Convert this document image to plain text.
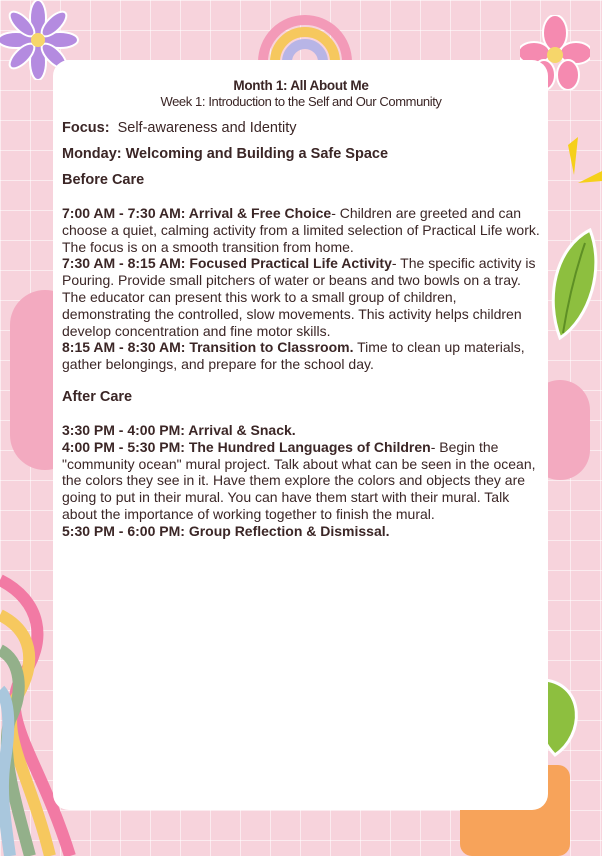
Month 1: All About Me
Week 1: Introduction to the Self and Our Community
Focus: Self-awareness and Identity
Monday: Welcoming and Building a Safe Space
Before Care
7:00 AM - 7:30 AM: Arrival & Free Choice- Children are greeted and can choose a quiet, calming activity from a limited selection of Practical Life work. The focus is on a smooth transition from home.
7:30 AM - 8:15 AM: Focused Practical Life Activity- The specific activity is Pouring. Provide small pitchers of water or beans and two bowls on a tray. The educator can present this work to a small group of children, demonstrating the controlled, slow movements. This activity helps children develop concentration and fine motor skills.
8:15 AM - 8:30 AM: Transition to Classroom. Time to clean up materials, gather belongings, and prepare for the school day.
After Care
3:30 PM - 4:00 PM: Arrival & Snack.
4:00 PM - 5:30 PM: The Hundred Languages of Children- Begin the "community ocean" mural project. Talk about what can be seen in the ocean, the colors they see in it. Have them explore the colors and objects they are going to put in their mural. You can have them start with their mural. Talk about the importance of working together to finish the mural.
5:30 PM - 6:00 PM: Group Reflection & Dismissal.
